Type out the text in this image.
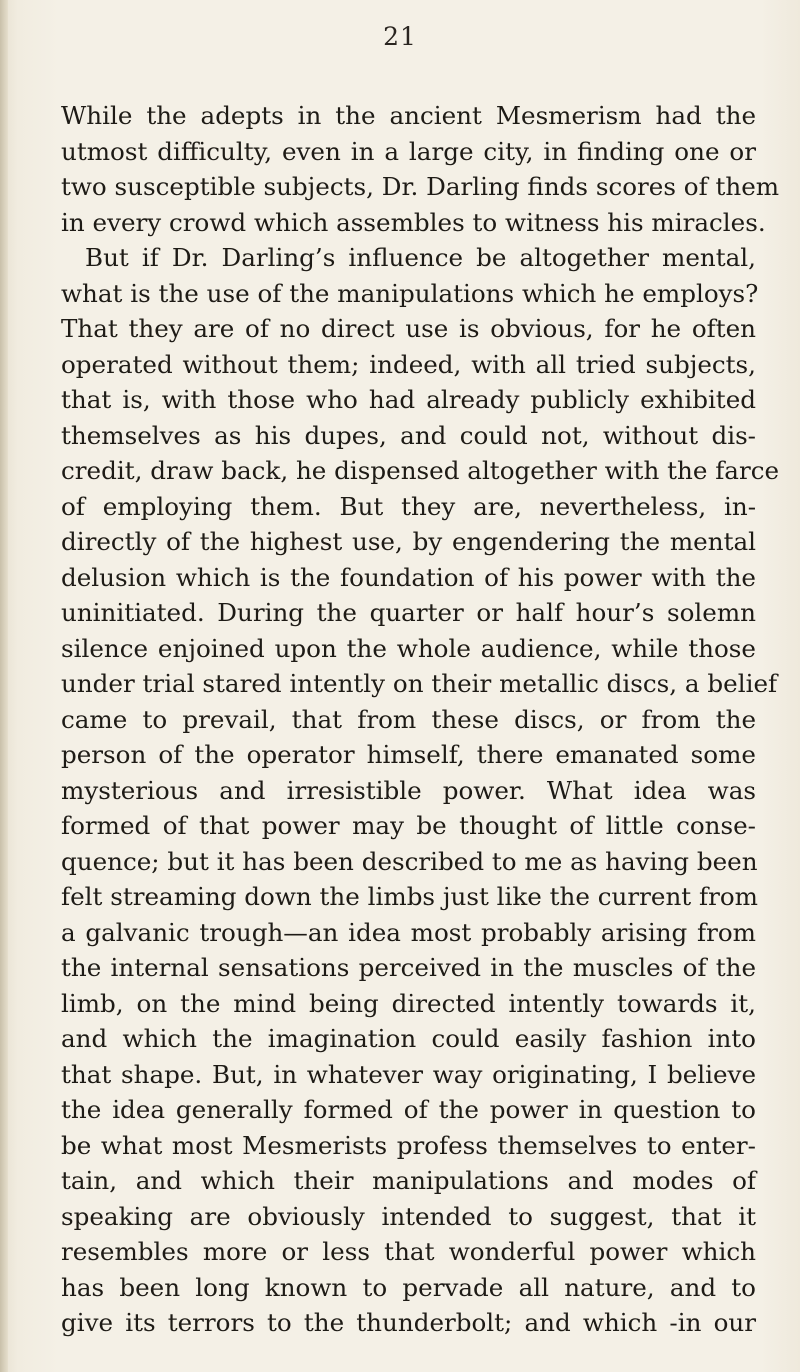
21
While the adepts in the ancient Mesmerism had the
utmost difficulty, even in a large city, in finding one or
two susceptible subjects, Dr. Darling finds scores of them
in every crowd which assembles to witness his miracles.
But if Dr. Darling’s influence be altogether mental,
what is the use of the manipulations which he employs?
That they are of no direct use is obvious, for he often
operated without them; indeed, with all tried subjects,
that is, with those who had already publicly exhibited
themselves as his dupes, and could not, without dis-
credit, draw back, he dispensed altogether with the farce
of employing them. But they are, nevertheless, in-
directly of the highest use, by engendering the mental
delusion which is the foundation of his power with the
uninitiated. During the quarter or half hour’s solemn
silence enjoined upon the whole audience, while those
under trial stared intently on their metallic discs, a belief
came to prevail, that from these discs, or from the
person of the operator himself, there emanated some
mysterious and irresistible power. What idea was
formed of that power may be thought of little conse-
quence; but it has been described to me as having been
felt streaming down the limbs just like the current from
a galvanic trough—an idea most probably arising from
the internal sensations perceived in the muscles of the
limb, on the mind being directed intently towards it,
and which the imagination could easily fashion into
that shape. But, in whatever way originating, I believe
the idea generally formed of the power in question to
be what most Mesmerists profess themselves to enter-
tain, and which their manipulations and modes of
speaking are obviously intended to suggest, that it
resembles more or less that wonderful power which
has been long known to pervade all nature, and to
give its terrors to the thunderbolt; and which ‑in our
